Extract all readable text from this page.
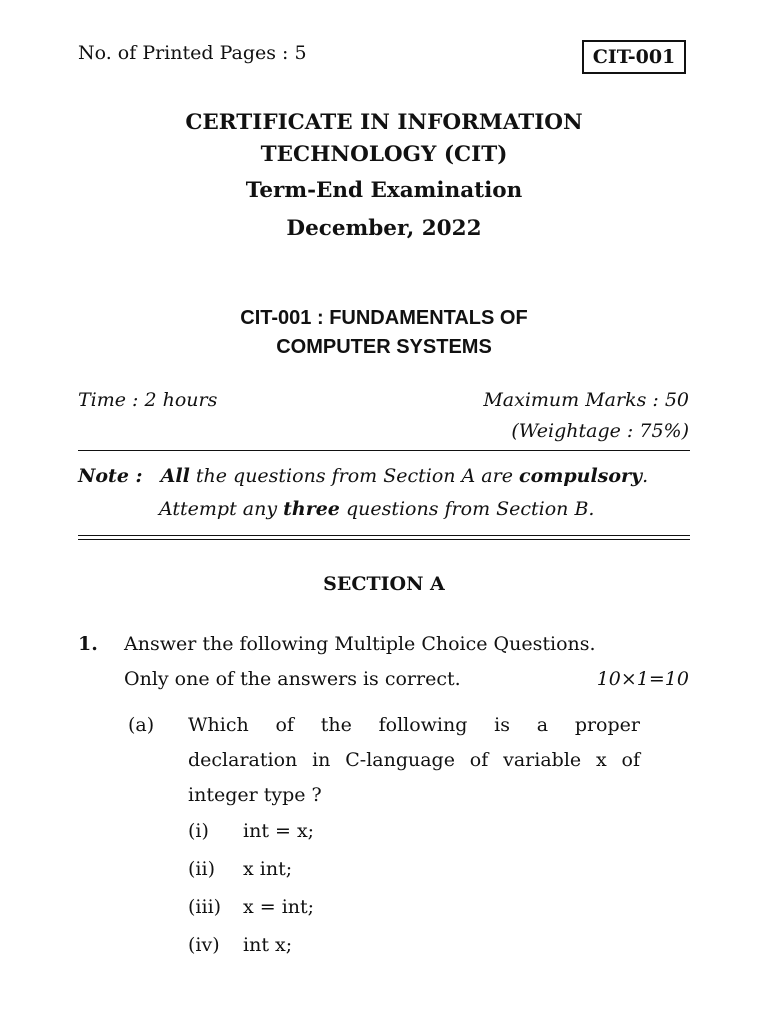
No. of Printed Pages : 5	CIT-001
CERTIFICATE IN INFORMATION
TECHNOLOGY (CIT)
Term-End Examination
December, 2022
CIT-001 : FUNDAMENTALS OF
COMPUTER SYSTEMS
Time : 2 hours	Maximum Marks : 50
(Weightage : 75%)
Note : All the questions from Section A are compulsory.
Attempt any three questions from Section B.
SECTION A
1. Answer the following Multiple Choice Questions.
Only one of the answers is correct.	10×1=10
(a) Which of the following is a proper
declaration in C-language of variable x of
integer type ?
(i) int = x;
(ii) x int;
(iii) x = int;
(iv) int x;
